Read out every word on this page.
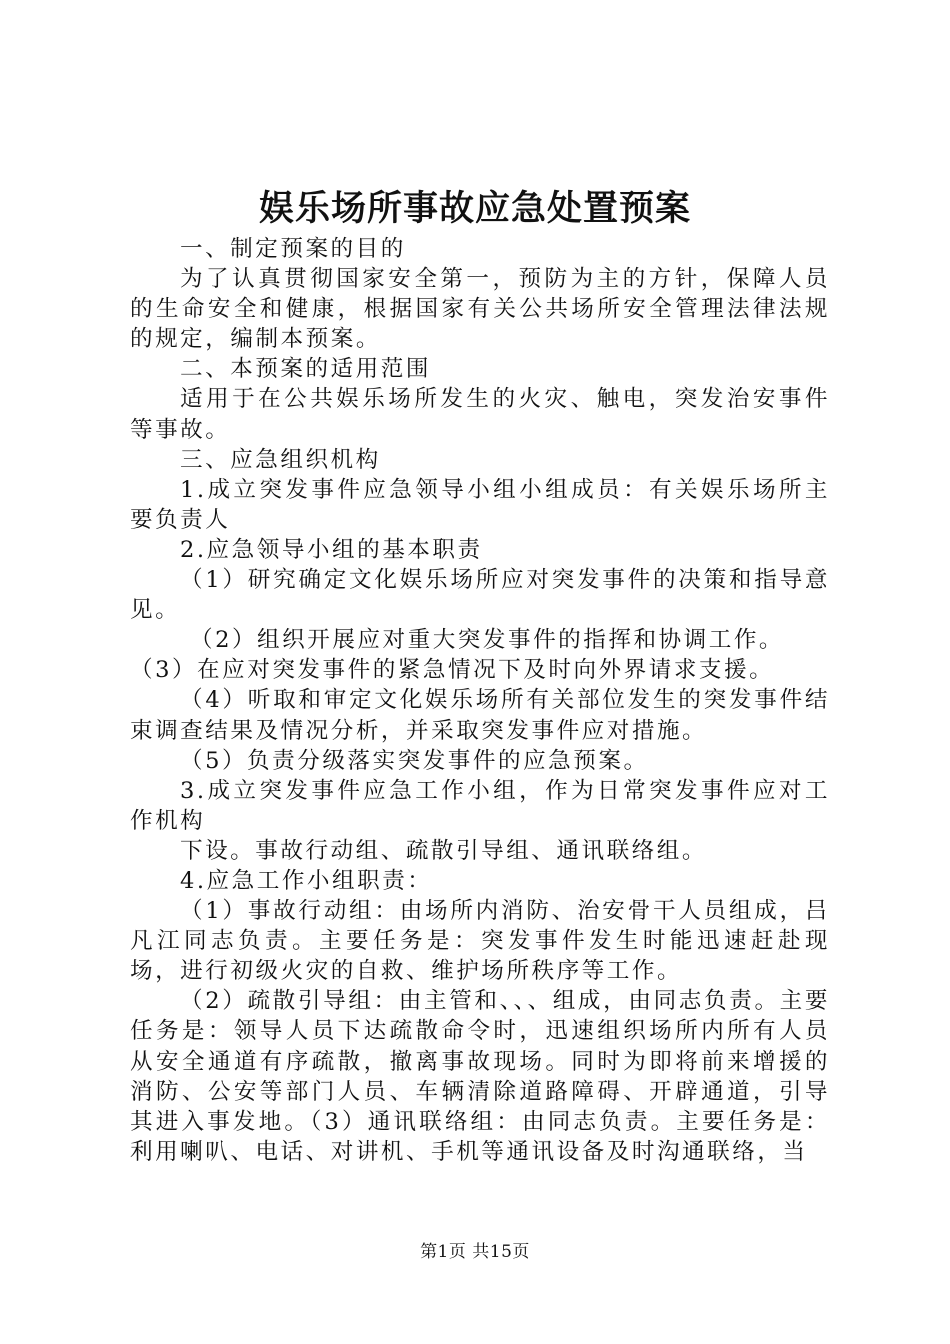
娱乐场所事故应急处置预案

一、制定预案的目的

为了认真贯彻国家安全第一，预防为主的方针，保障人员的生命安全和健康，根据国家有关公共场所安全管理法律法规的规定，编制本预案。

二、本预案的适用范围

适用于在公共娱乐场所发生的火灾、触电，突发治安事件等事故。

三、应急组织机构

1.成立突发事件应急领导小组小组成员：有关娱乐场所主要负责人

2.应急领导小组的基本职责

（1）研究确定文化娱乐场所应对突发事件的决策和指导意见。

（2）组织开展应对重大突发事件的指挥和协调工作。

（3）在应对突发事件的紧急情况下及时向外界请求支援。

（4）听取和审定文化娱乐场所有关部位发生的突发事件结束调查结果及情况分析，并采取突发事件应对措施。

（5）负责分级落实突发事件的应急预案。

3.成立突发事件应急工作小组，作为日常突发事件应对工作机构

下设。事故行动组、疏散引导组、通讯联络组。

4.应急工作小组职责：

（1）事故行动组：由场所内消防、治安骨干人员组成，吕凡江同志负责。主要任务是：突发事件发生时能迅速赶赴现场，进行初级火灾的自救、维护场所秩序等工作。

（2）疏散引导组：由主管和、、、组成，由同志负责。主要任务是：领导人员下达疏散命令时，迅速组织场所内所有人员从安全通道有序疏散，撤离事故现场。同时为即将前来增援的消防、公安等部门人员、车辆清除道路障碍、开辟通道，引导其进入事发地。（3）通讯联络组：由同志负责。主要任务是：利用喇叭、电话、对讲机、手机等通讯设备及时沟通联络，当

第1页 共15页
